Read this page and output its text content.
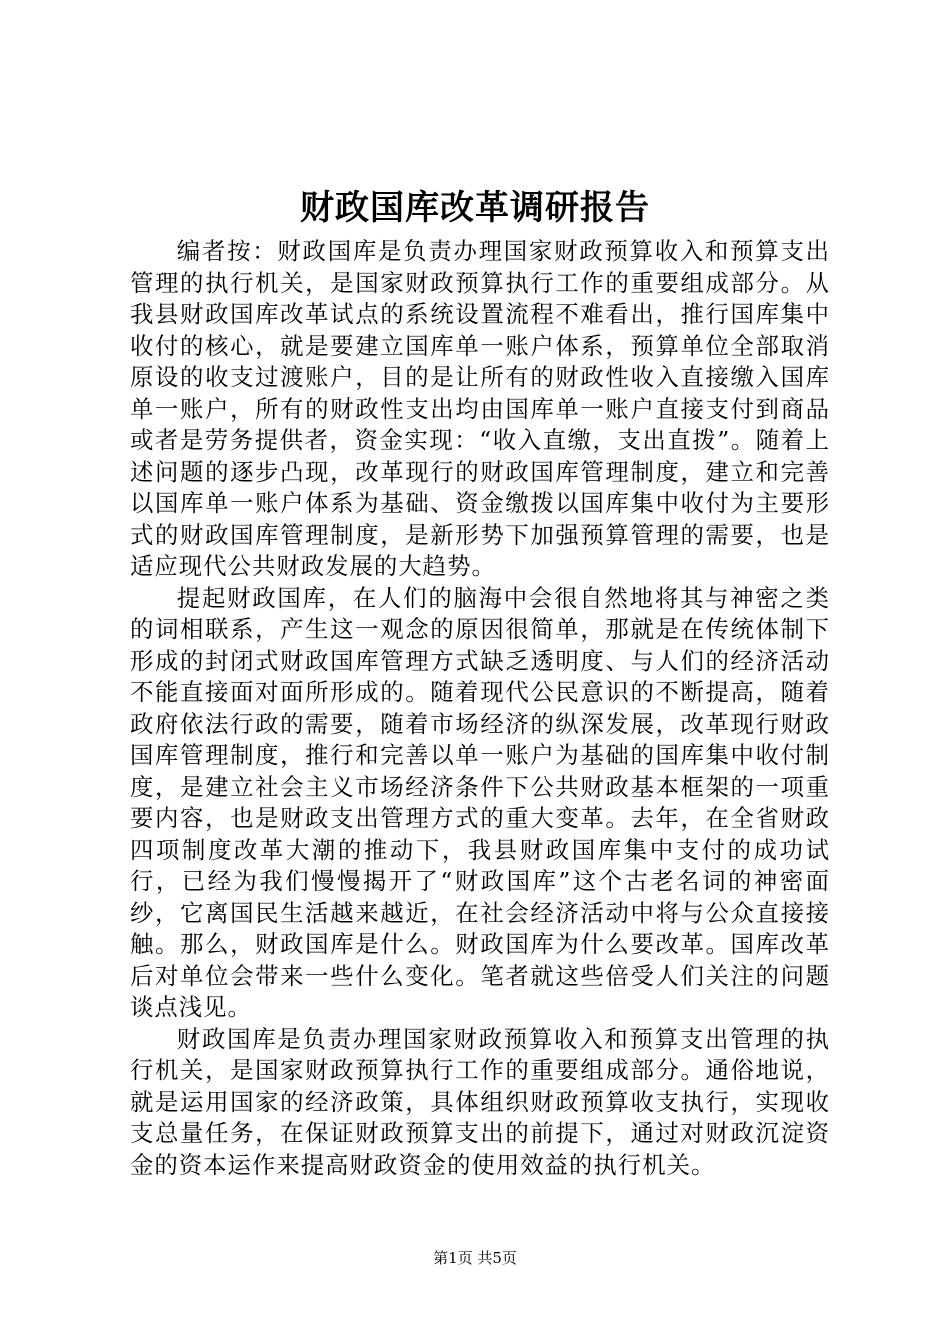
财政国库改革调研报告

编者按：财政国库是负责办理国家财政预算收入和预算支出管理的执行机关，是国家财政预算执行工作的重要组成部分。从我县财政国库改革试点的系统设置流程不难看出，推行国库集中收付的核心，就是要建立国库单一账户体系，预算单位全部取消原设的收支过渡账户，目的是让所有的财政性收入直接缴入国库单一账户，所有的财政性支出均由国库单一账户直接支付到商品或者是劳务提供者，资金实现：“收入直缴，支出直拨”。随着上述问题的逐步凸现，改革现行的财政国库管理制度，建立和完善以国库单一账户体系为基础、资金缴拨以国库集中收付为主要形式的财政国库管理制度，是新形势下加强预算管理的需要，也是适应现代公共财政发展的大趋势。

提起财政国库，在人们的脑海中会很自然地将其与神密之类的词相联系，产生这一观念的原因很简单，那就是在传统体制下形成的封闭式财政国库管理方式缺乏透明度、与人们的经济活动不能直接面对面所形成的。随着现代公民意识的不断提高，随着政府依法行政的需要，随着市场经济的纵深发展，改革现行财政国库管理制度，推行和完善以单一账户为基础的国库集中收付制度，是建立社会主义市场经济条件下公共财政基本框架的一项重要内容，也是财政支出管理方式的重大变革。去年，在全省财政四项制度改革大潮的推动下，我县财政国库集中支付的成功试行，已经为我们慢慢揭开了“财政国库”这个古老名词的神密面纱，它离国民生活越来越近，在社会经济活动中将与公众直接接触。那么，财政国库是什么。财政国库为什么要改革。国库改革后对单位会带来一些什么变化。笔者就这些倍受人们关注的问题谈点浅见。

财政国库是负责办理国家财政预算收入和预算支出管理的执行机关，是国家财政预算执行工作的重要组成部分。通俗地说，就是运用国家的经济政策，具体组织财政预算收支执行，实现收支总量任务，在保证财政预算支出的前提下，通过对财政沉淀资金的资本运作来提高财政资金的使用效益的执行机关。

第1页 共5页
